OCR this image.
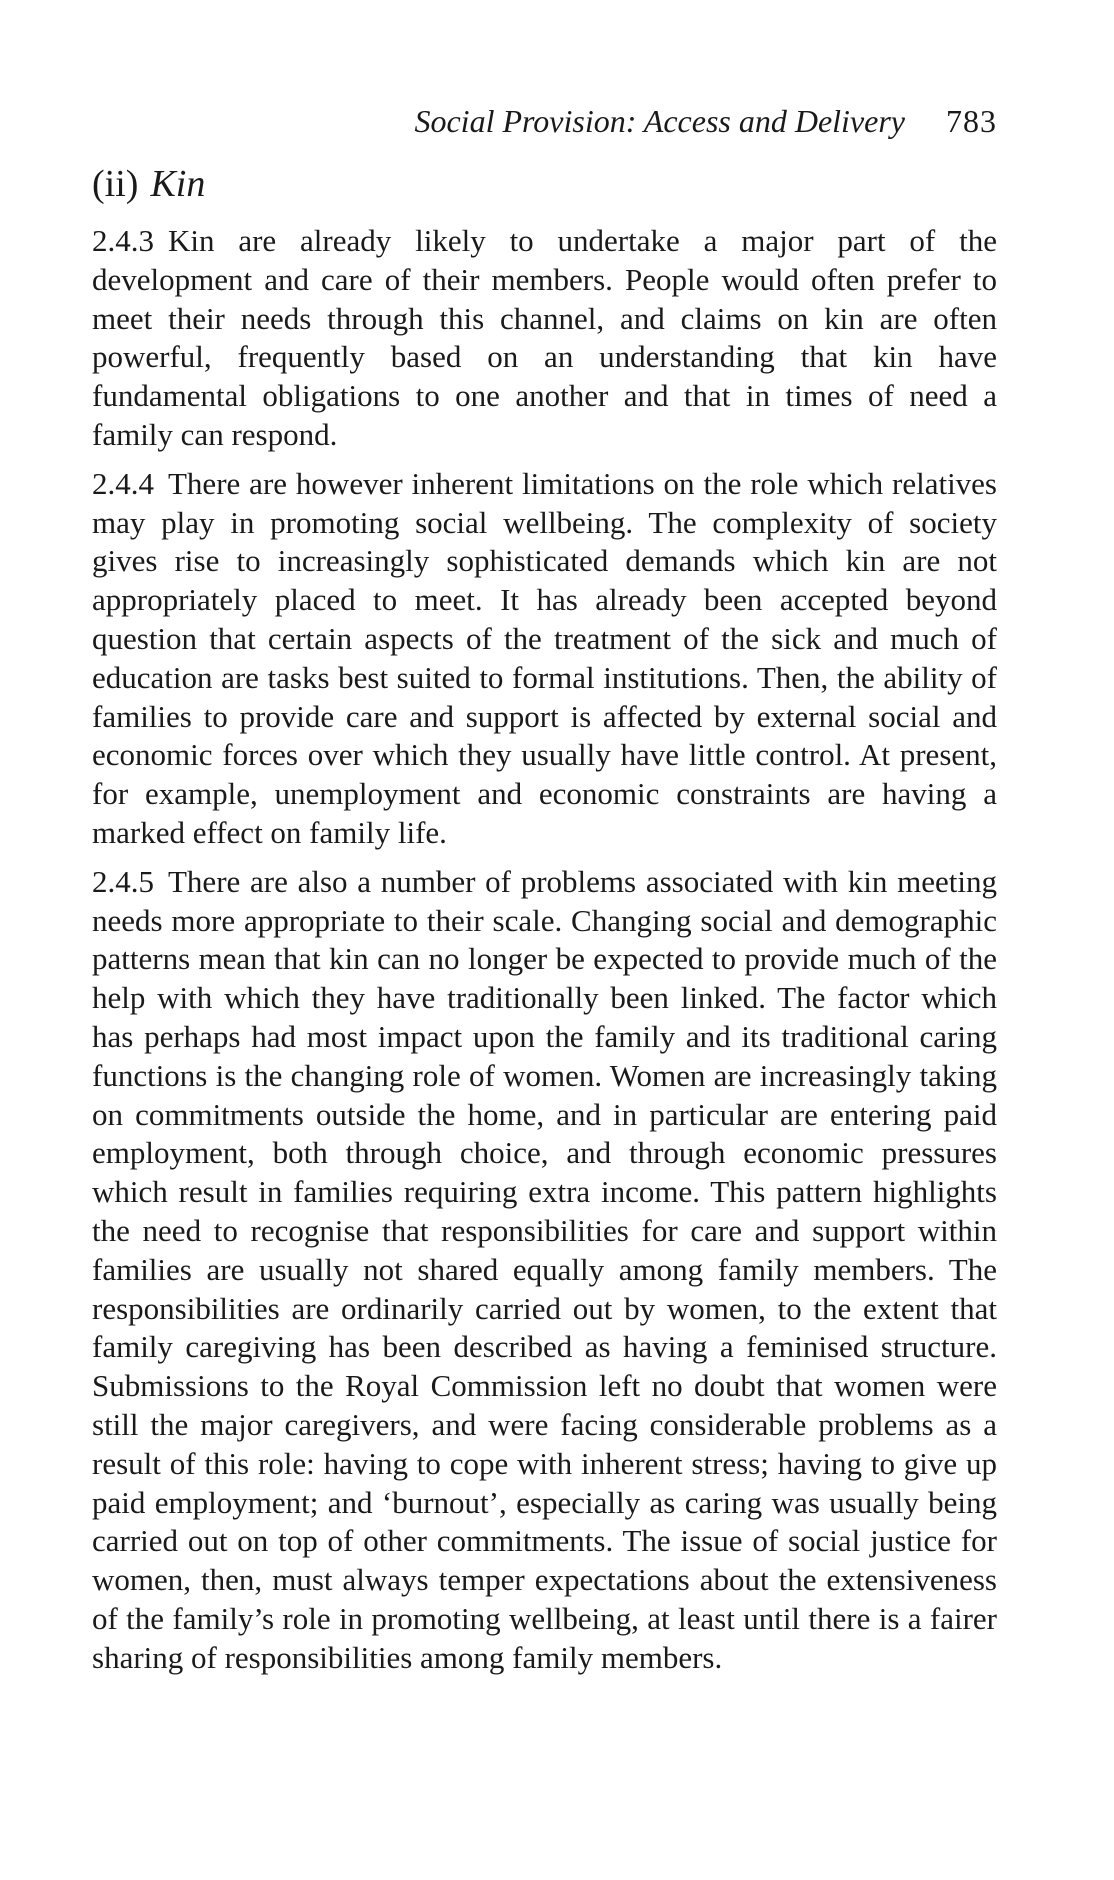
Social Provision: Access and Delivery 783
(ii) Kin

2.4.3 Kin are already likely to undertake a major part of the development and care of their members. People would often prefer to meet their needs through this channel, and claims on kin are often powerful, frequently based on an understanding that kin have fundamental obligations to one another and that in times of need a family can respond.

2.4.4 There are however inherent limitations on the role which relatives may play in promoting social wellbeing. The complexity of society gives rise to increasingly sophisticated demands which kin are not appropriately placed to meet. It has already been accepted beyond question that certain aspects of the treatment of the sick and much of education are tasks best suited to formal institutions. Then, the ability of families to provide care and support is affected by external social and economic forces over which they usually have little control. At present, for example, unemployment and economic constraints are having a marked effect on family life.

2.4.5 There are also a number of problems associated with kin meeting needs more appropriate to their scale. Changing social and demographic patterns mean that kin can no longer be expected to provide much of the help with which they have traditionally been linked. The factor which has perhaps had most impact upon the family and its traditional caring functions is the changing role of women. Women are increasingly taking on commitments outside the home, and in particular are entering paid employment, both through choice, and through economic pressures which result in families requiring extra income. This pattern highlights the need to recognise that responsibilities for care and support within families are usually not shared equally among family members. The responsibilities are ordinarily carried out by women, to the extent that family caregiving has been described as having a feminised structure. Submissions to the Royal Commission left no doubt that women were still the major caregivers, and were facing considerable problems as a result of this role: having to cope with inherent stress; having to give up paid employment; and ‘burnout’, especially as caring was usually being carried out on top of other commitments. The issue of social justice for women, then, must always temper expectations about the extensiveness of the family’s role in promoting wellbeing, at least until there is a fairer sharing of responsibilities among family members.
